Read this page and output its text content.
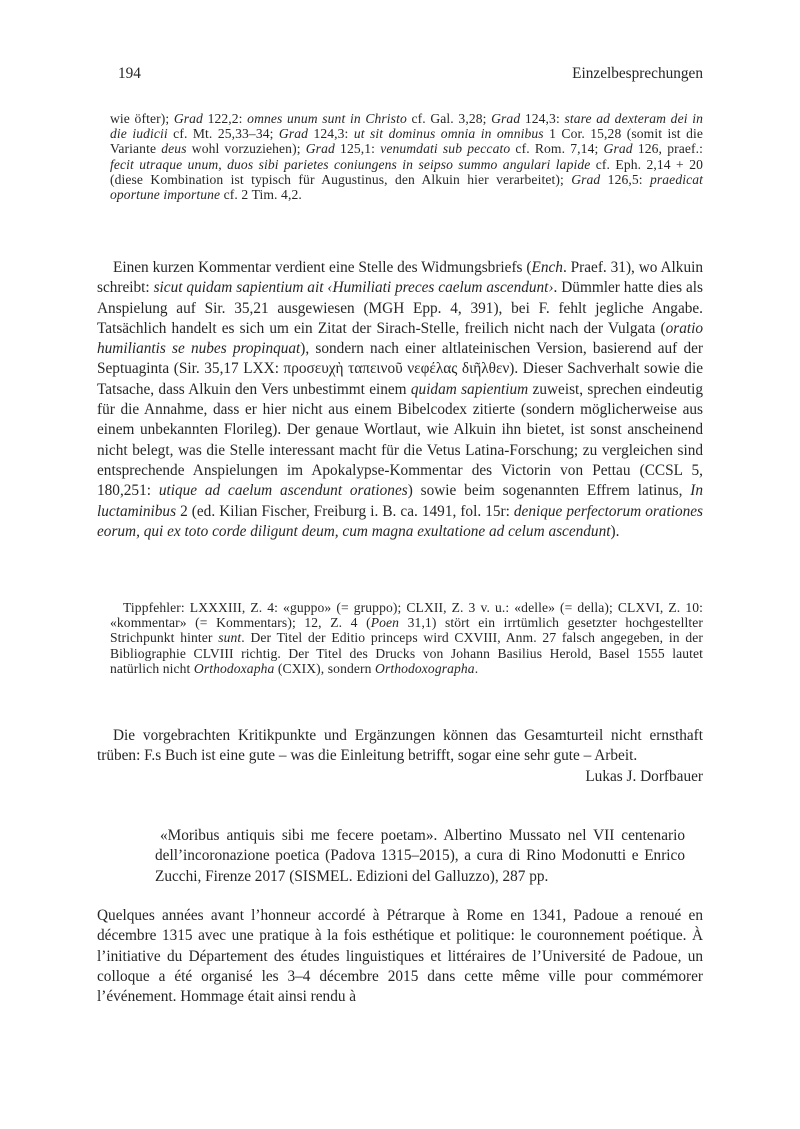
194	Einzelbesprechungen

wie öfter); Grad 122,2: omnes unum sunt in Christo cf. Gal. 3,28; Grad 124,3: stare ad dexteram dei in die iudicii cf. Mt. 25,33–34; Grad 124,3: ut sit dominus omnia in omnibus 1 Cor. 15,28 (somit ist die Variante deus wohl vorzuziehen); Grad 125,1: venumdati sub peccato cf. Rom. 7,14; Grad 126, praef.: fecit utraque unum, duos sibi parietes coniungens in seipso summo angulari lapide cf. Eph. 2,14 + 20 (diese Kombination ist typisch für Augustinus, den Alkuin hier verarbeitet); Grad 126,5: praedicat oportune importune cf. 2 Tim. 4,2.

Einen kurzen Kommentar verdient eine Stelle des Widmungsbriefs (Ench. Praef. 31), wo Alkuin schreibt: sicut quidam sapientium ait ‹Humiliati preces caelum ascendunt›. Dümmler hatte dies als Anspielung auf Sir. 35,21 ausgewiesen (MGH Epp. 4, 391), bei F. fehlt jegliche Angabe. Tatsächlich handelt es sich um ein Zitat der Sirach-Stelle, freilich nicht nach der Vulgata (oratio humiliantis se nubes propinquat), sondern nach einer altlateinischen Version, basierend auf der Septuaginta (Sir. 35,17 LXX: προσευχὴ ταπεινοῦ νεφέλας διῆλθεν). Dieser Sachverhalt sowie die Tatsache, dass Alkuin den Vers unbestimmt einem quidam sapientium zuweist, sprechen eindeutig für die Annahme, dass er hier nicht aus einem Bibelcodex zitierte (sondern möglicherweise aus einem unbekannten Florileg). Der genaue Wortlaut, wie Alkuin ihn bietet, ist sonst anscheinend nicht belegt, was die Stelle interessant macht für die Vetus Latina-Forschung; zu vergleichen sind entsprechende Anspielungen im Apokalypse-Kommentar des Victorin von Pettau (CCSL 5, 180,251: utique ad caelum ascendunt orationes) sowie beim sogenannten Effrem latinus, In luctaminibus 2 (ed. Kilian Fischer, Freiburg i. B. ca. 1491, fol. 15r: denique perfectorum orationes eorum, qui ex toto corde diligunt deum, cum magna exultatione ad celum ascendunt).

Tippfehler: LXXXIII, Z. 4: «guppo» (= gruppo); CLXII, Z. 3 v. u.: «delle» (= della); CLXVI, Z. 10: «kommentar» (= Kommentars); 12, Z. 4 (Poen 31,1) stört ein irrtümlich gesetzter hochgestellter Strichpunkt hinter sunt. Der Titel der Editio princeps wird CXVIII, Anm. 27 falsch angegeben, in der Bibliographie CLVIII richtig. Der Titel des Drucks von Johann Basilius Herold, Basel 1555 lautet natürlich nicht Orthodoxapha (CXIX), sondern Orthodoxographa.

Die vorgebrachten Kritikpunkte und Ergänzungen können das Gesamturteil nicht ernsthaft trüben: F.s Buch ist eine gute – was die Einleitung betrifft, sogar eine sehr gute – Arbeit.
Lukas J. Dorfbauer

«Moribus antiquis sibi me fecere poetam». Albertino Mussato nel VII centenario dell’incoronazione poetica (Padova 1315–2015), a cura di Rino Modonutti e Enrico Zucchi, Firenze 2017 (SISMEL. Edizioni del Galluzzo), 287 pp.

Quelques années avant l’honneur accordé à Pétrarque à Rome en 1341, Padoue a renoué en décembre 1315 avec une pratique à la fois esthétique et politique: le couronnement poétique. À l’initiative du Département des études linguistiques et littéraires de l’Université de Padoue, un colloque a été organisé les 3–4 décembre 2015 dans cette même ville pour commémorer l’événement. Hommage était ainsi rendu à
